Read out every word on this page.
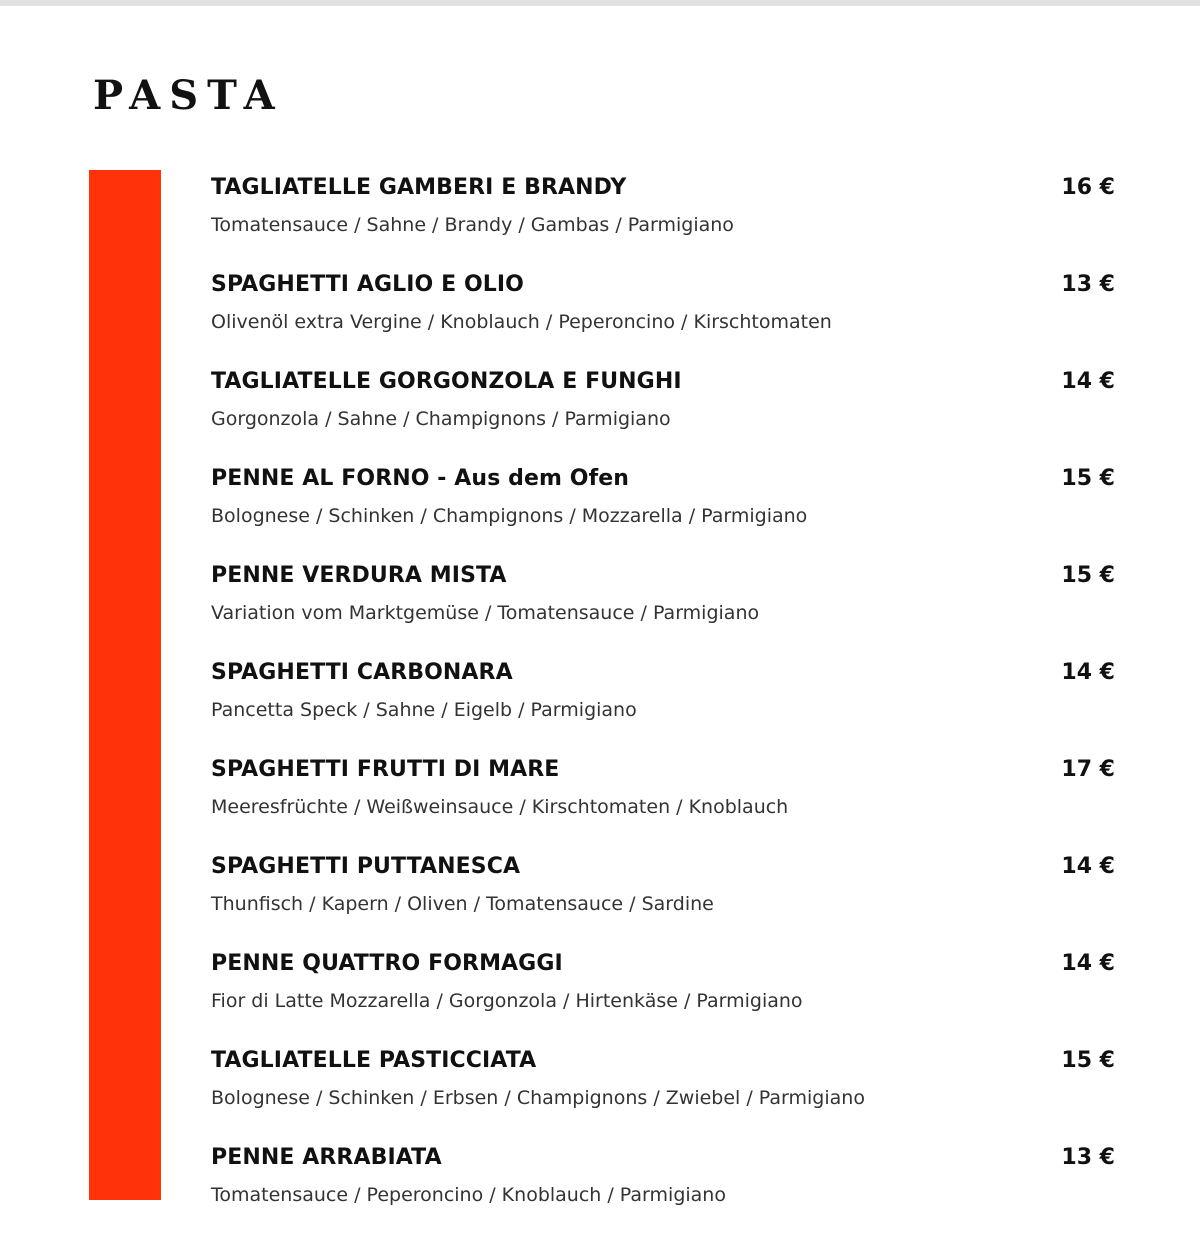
PASTA
TAGLIATELLE GAMBERI E BRANDY	16 €
Tomatensauce / Sahne / Brandy / Gambas / Parmigiano
SPAGHETTI AGLIO E OLIO	13 €
Olivenöl extra Vergine / Knoblauch / Peperoncino / Kirschtomaten
TAGLIATELLE GORGONZOLA E FUNGHI	14 €
Gorgonzola / Sahne / Champignons / Parmigiano
PENNE AL FORNO - Aus dem Ofen	15 €
Bolognese / Schinken / Champignons / Mozzarella / Parmigiano
PENNE VERDURA MISTA	15 €
Variation vom Marktgemüse / Tomatensauce / Parmigiano
SPAGHETTI CARBONARA	14 €
Pancetta Speck / Sahne / Eigelb / Parmigiano
SPAGHETTI FRUTTI DI MARE	17 €
Meeresfrüchte / Weißweinsauce / Kirschtomaten / Knoblauch
SPAGHETTI PUTTANESCA	14 €
Thunfisch / Kapern / Oliven / Tomatensauce / Sardine
PENNE QUATTRO FORMAGGI	14 €
Fior di Latte Mozzarella / Gorgonzola / Hirtenkäse / Parmigiano
TAGLIATELLE PASTICCIATA	15 €
Bolognese / Schinken / Erbsen / Champignons / Zwiebel / Parmigiano
PENNE ARRABIATA	13 €
Tomatensauce / Peperoncino / Knoblauch / Parmigiano
